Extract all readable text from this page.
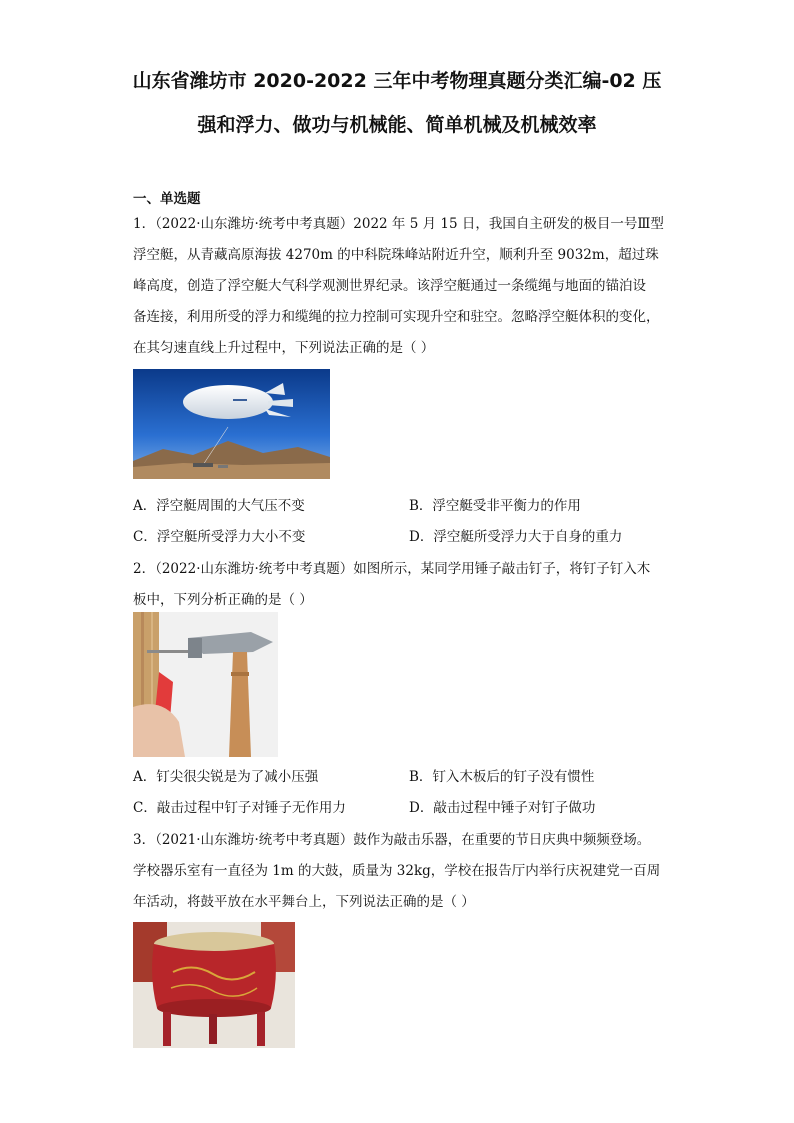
山东省潍坊市 2020-2022 三年中考物理真题分类汇编-02 压
强和浮力、做功与机械能、简单机械及机械效率
一、单选题
1．（2022·山东潍坊·统考中考真题）2022 年 5 月 15 日，我国自主研发的极目一号Ⅲ型
浮空艇，从青藏高原海拔 4270m 的中科院珠峰站附近升空，顺利升至 9032m，超过珠
峰高度，创造了浮空艇大气科学观测世界纪录。该浮空艇通过一条缆绳与地面的锚泊设
备连接，利用所受的浮力和缆绳的拉力控制可实现升空和驻空。忽略浮空艇体积的变化，
在其匀速直线上升过程中，下列说法正确的是（ ）
A．浮空艇周围的大气压不变	B．浮空艇受非平衡力的作用
C．浮空艇所受浮力大小不变	D．浮空艇所受浮力大于自身的重力
2．（2022·山东潍坊·统考中考真题）如图所示，某同学用锤子敲击钉子，将钉子钉入木
板中，下列分析正确的是（ ）
A．钉尖很尖锐是为了减小压强	B．钉入木板后的钉子没有惯性
C．敲击过程中钉子对锤子无作用力	D．敲击过程中锤子对钉子做功
3．（2021·山东潍坊·统考中考真题）鼓作为敲击乐器，在重要的节日庆典中频频登场。
学校器乐室有一直径为 1m 的大鼓，质量为 32kg，学校在报告厅内举行庆祝建党一百周
年活动，将鼓平放在水平舞台上，下列说法正确的是（ ）
